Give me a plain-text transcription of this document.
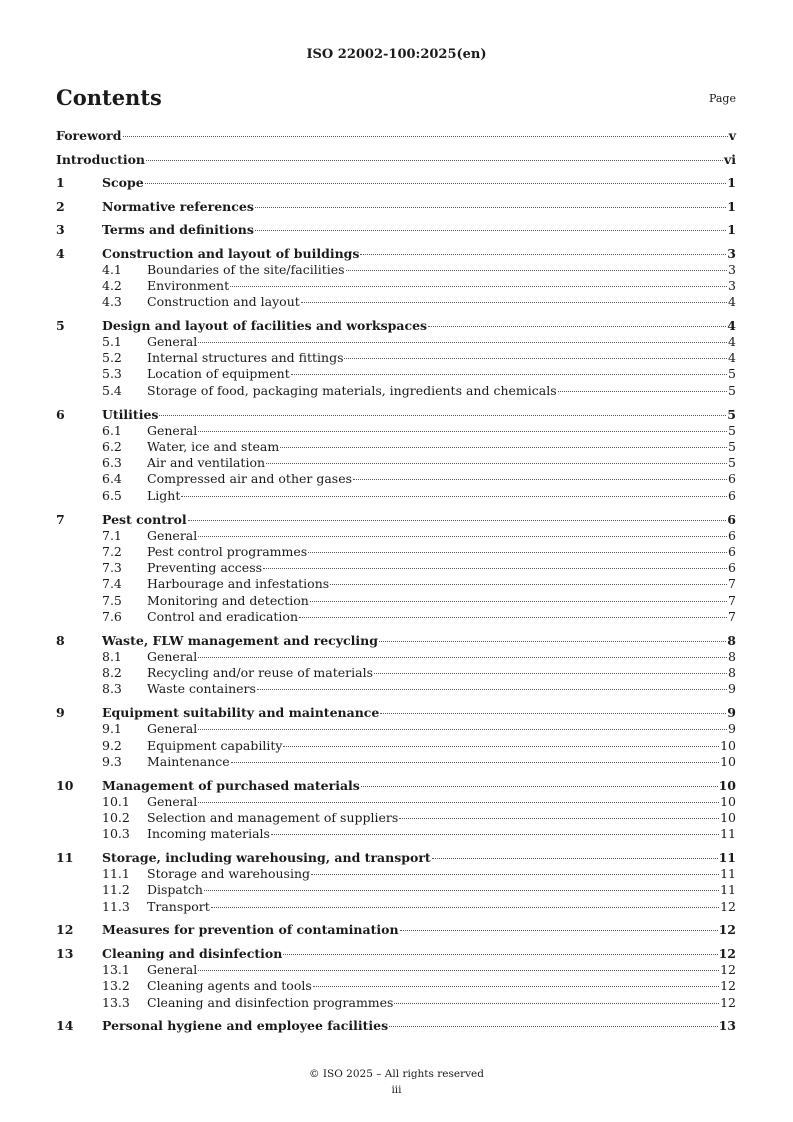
ISO 22002-100:2025(en)
Contents	Page
Foreword	v
Introduction	vi
1	Scope	1
2	Normative references	1
3	Terms and definitions	1
4	Construction and layout of buildings	3
4.1	Boundaries of the site/facilities	3
4.2	Environment	3
4.3	Construction and layout	4
5	Design and layout of facilities and workspaces	4
5.1	General	4
5.2	Internal structures and fittings	4
5.3	Location of equipment	5
5.4	Storage of food, packaging materials, ingredients and chemicals	5
6	Utilities	5
6.1	General	5
6.2	Water, ice and steam	5
6.3	Air and ventilation	5
6.4	Compressed air and other gases	6
6.5	Light	6
7	Pest control	6
7.1	General	6
7.2	Pest control programmes	6
7.3	Preventing access	6
7.4	Harbourage and infestations	7
7.5	Monitoring and detection	7
7.6	Control and eradication	7
8	Waste, FLW management and recycling	8
8.1	General	8
8.2	Recycling and/or reuse of materials	8
8.3	Waste containers	9
9	Equipment suitability and maintenance	9
9.1	General	9
9.2	Equipment capability	10
9.3	Maintenance	10
10	Management of purchased materials	10
10.1	General	10
10.2	Selection and management of suppliers	10
10.3	Incoming materials	11
11	Storage, including warehousing, and transport	11
11.1	Storage and warehousing	11
11.2	Dispatch	11
11.3	Transport	12
12	Measures for prevention of contamination	12
13	Cleaning and disinfection	12
13.1	General	12
13.2	Cleaning agents and tools	12
13.3	Cleaning and disinfection programmes	12
14	Personal hygiene and employee facilities	13
© ISO 2025 – All rights reserved
iii
